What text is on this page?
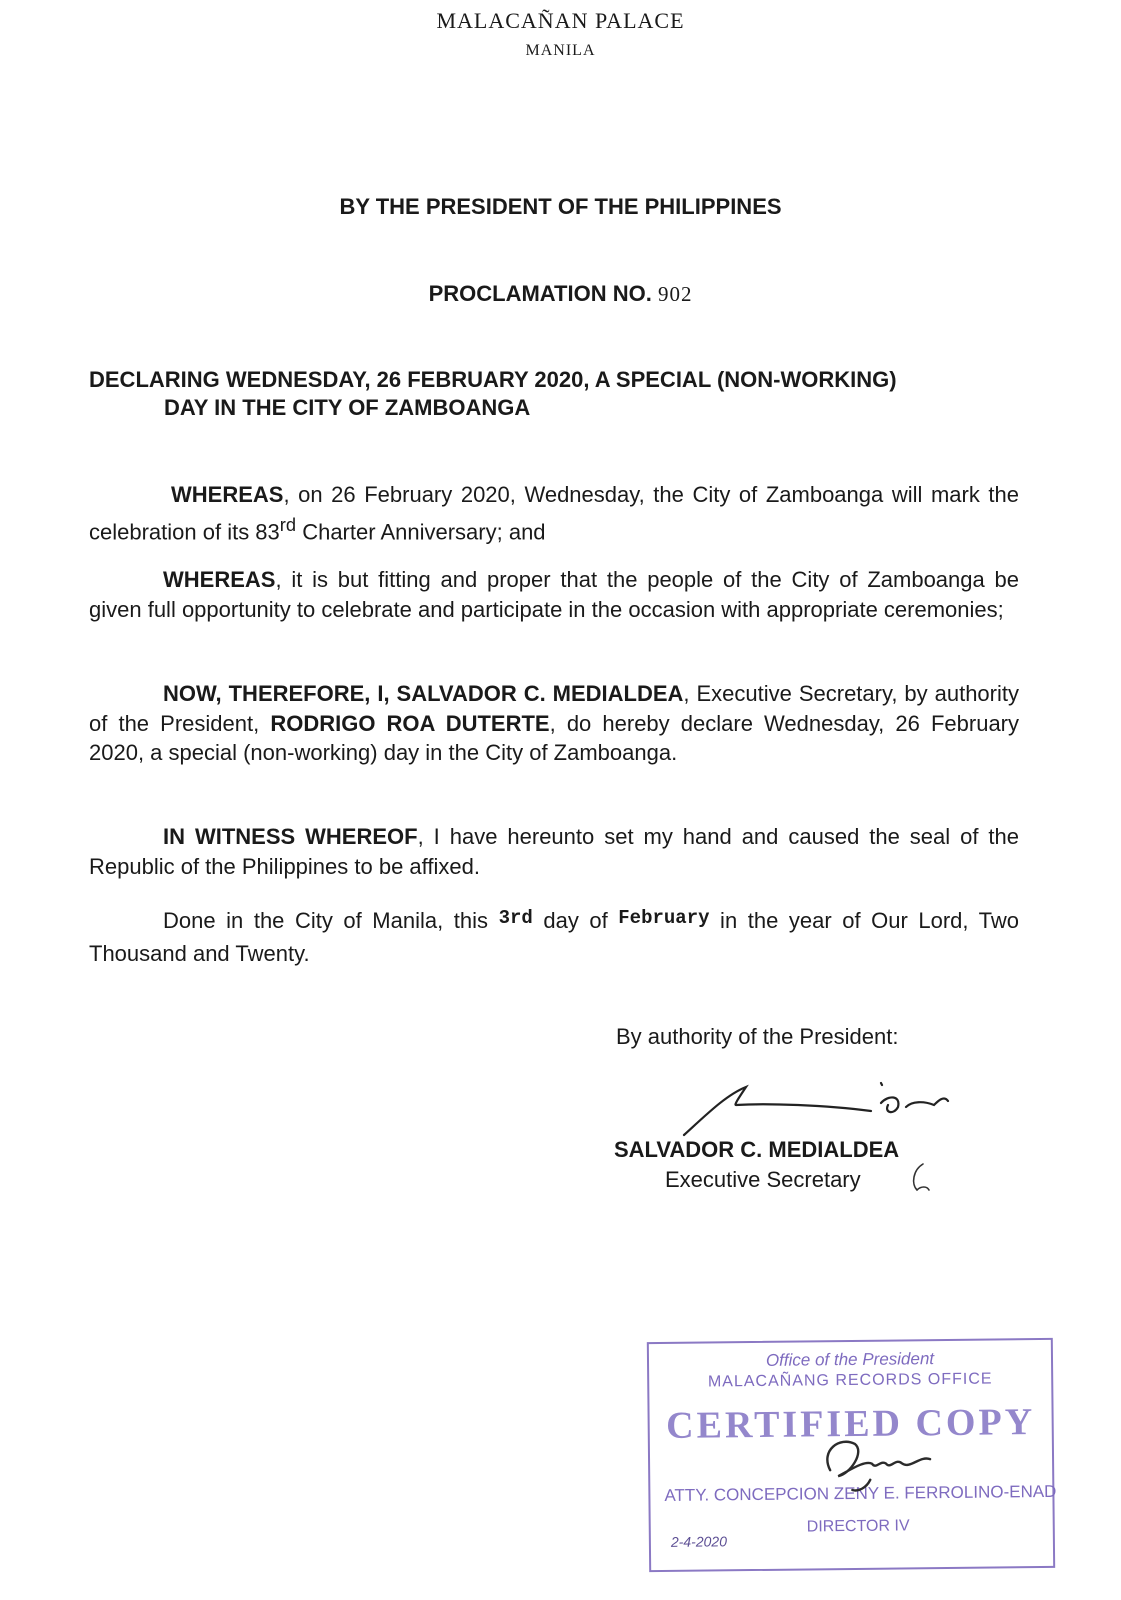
MALACAÑAN PALACE
MANILA
BY THE PRESIDENT OF THE PHILIPPINES
PROCLAMATION NO. 902
DECLARING WEDNESDAY, 26 FEBRUARY 2020, A SPECIAL (NON-WORKING)
DAY IN THE CITY OF ZAMBOANGA
WHEREAS, on 26 February 2020, Wednesday, the City of Zamboanga will mark the celebration of its 83rd Charter Anniversary; and
WHEREAS, it is but fitting and proper that the people of the City of Zamboanga be given full opportunity to celebrate and participate in the occasion with appropriate ceremonies;
NOW, THEREFORE, I, SALVADOR C. MEDIALDEA, Executive Secretary, by authority of the President, RODRIGO ROA DUTERTE, do hereby declare Wednesday, 26 February 2020, a special (non-working) day in the City of Zamboanga.
IN WITNESS WHEREOF, I have hereunto set my hand and caused the seal of the Republic of the Philippines to be affixed.
Done in the City of Manila, this 3rd day of February in the year of Our Lord, Two Thousand and Twenty.
By authority of the President:
SALVADOR C. MEDIALDEA
Executive Secretary
Office of the President
MALACAÑANG RECORDS OFFICE
CERTIFIED COPY
ATTY. CONCEPCION ZENY E. FERROLINO-ENAD
DIRECTOR IV
2-4-2020
